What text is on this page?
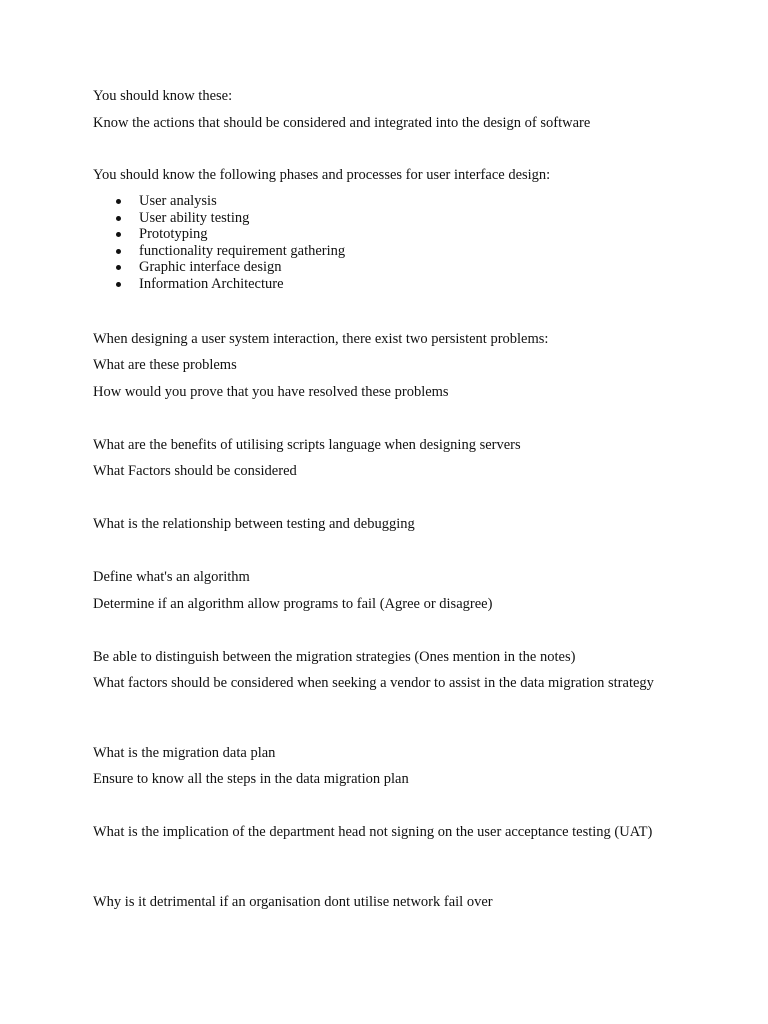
You should know these:
Know the actions that should be considered and integrated into the design of software
You should know the following phases and processes for user interface design:
User analysis
User ability testing
Prototyping
functionality requirement gathering
Graphic interface design
Information Architecture
When designing a user system interaction, there exist two persistent problems:
What are these problems
How would you prove that you have resolved these problems
What are the benefits of utilising scripts language when designing servers
What Factors should be considered
What is the relationship between testing and debugging
Define what's an algorithm
Determine if an algorithm allow programs to fail (Agree or disagree)
Be able to distinguish between the migration strategies (Ones mention in the notes)
What factors should be considered when seeking a vendor to assist in the data migration strategy
What is the migration data plan
Ensure to know all the steps in the data migration plan
What is the implication of the department head not signing on the user acceptance testing (UAT)
Why is it detrimental if an organisation dont utilise network fail over
